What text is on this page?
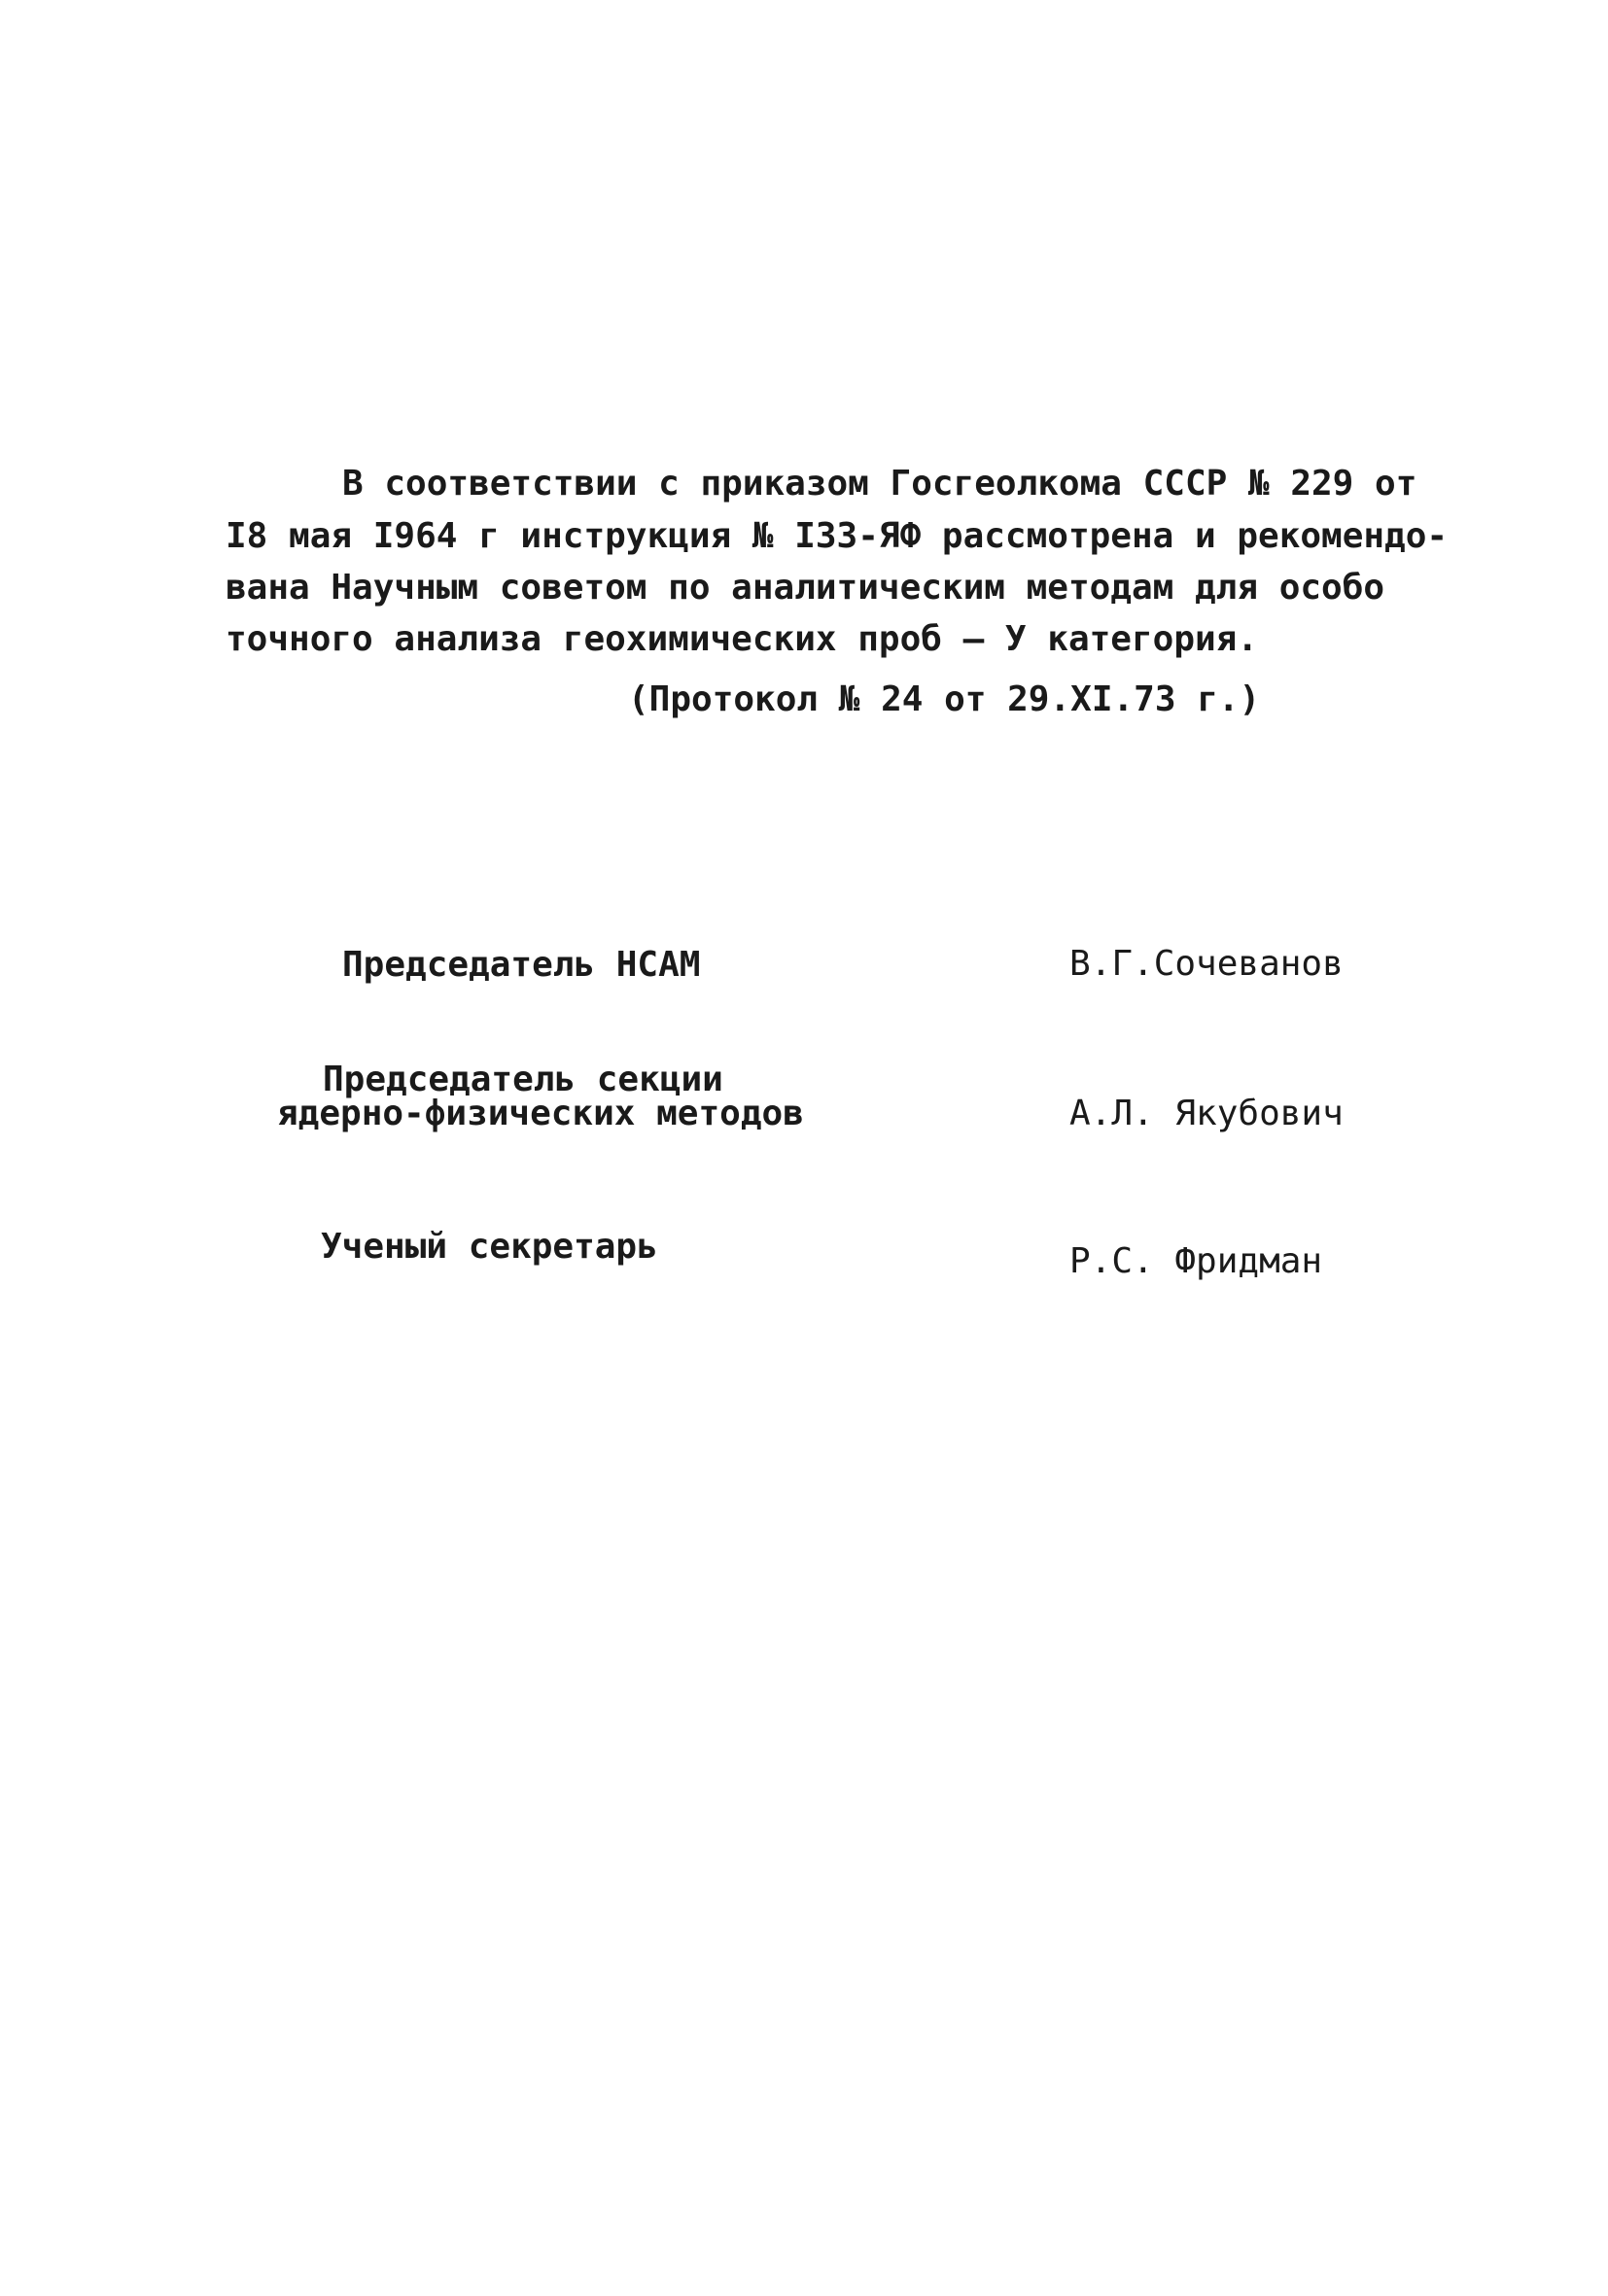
В соответствии с приказом Госгеолкома СССР № 229 от
I8 мая I964 г инструкция № I33-ЯФ расcмотрена и рекомендо-
вана Научным советом по аналитическим методам для особо
точного анализа геохимических проб – У категория.
(Протокол № 24 от 29.XI.73 г.)
Председатель НСАМ	В.Г.Сочеванов
Председатель секции
ядерно-физических методов	А.Л. Якубович
Ученый секретарь	Р.С. Фридман
